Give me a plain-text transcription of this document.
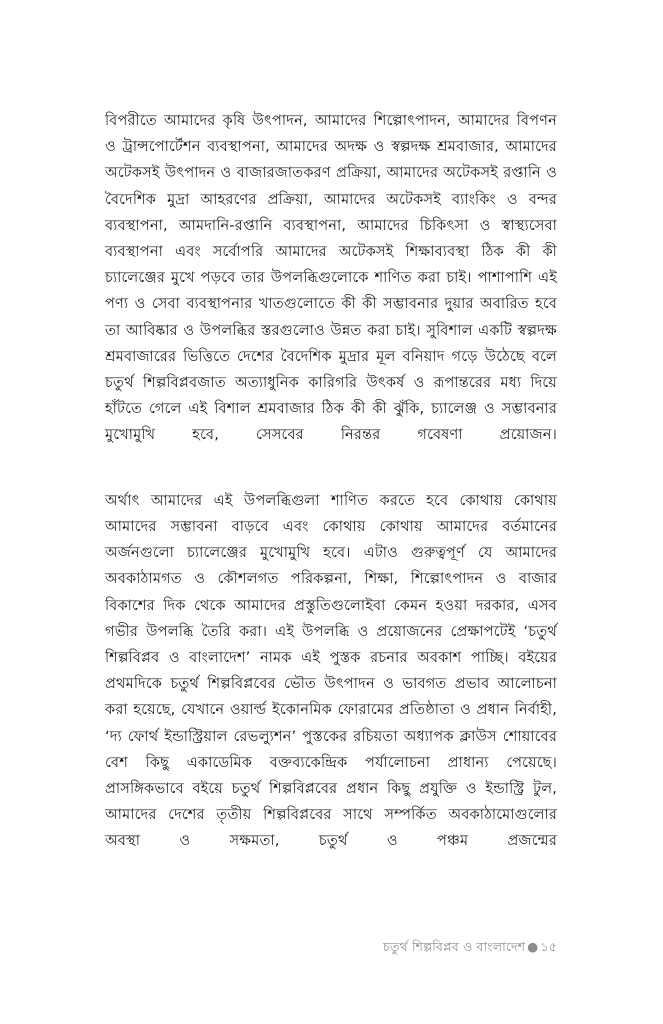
বিপরীতে আমাদের কৃষি উৎপাদন, আমাদের শিল্পোৎপাদন, আমাদের বিপণন ও ট্রান্সপোর্টেশন ব্যবস্থাপনা, আমাদের অদক্ষ ও স্বল্পদক্ষ শ্রমবাজার, আমাদের অটেকসই উৎপাদন ও বাজারজাতকরণ প্রক্রিয়া, আমাদের অটেকসই রপ্তানি ও বৈদেশিক মুদ্রা আহরণের প্রক্রিয়া, আমাদের অটেকসই ব্যাংকিং ও বন্দর ব্যবস্থাপনা, আমদানি-রপ্তানি ব্যবস্থাপনা, আমাদের চিকিৎসা ও স্বাস্থ্যসেবা ব্যবস্থাপনা এবং সর্বোপরি আমাদের অটেকসই শিক্ষাব্যবস্থা ঠিক কী কী চ্যালেঞ্জের মুখে পড়বে তার উপলব্ধিগুলোকে শাণিত করা চাই। পাশাপাশি এই পণ্য ও সেবা ব্যবস্থাপনার খাতগুলোতে কী কী সম্ভাবনার দুয়ার অবারিত হবে তা আবিষ্কার ও উপলব্ধির স্তরগুলোও উন্নত করা চাই। সুবিশাল একটি স্বল্পদক্ষ শ্রমবাজারের ভিত্তিতে দেশের বৈদেশিক মুদ্রার মূল বনিয়াদ গড়ে উঠেছে বলে চতুর্থ শিল্পবিপ্লবজাত অত্যাধুনিক কারিগরি উৎকর্ষ ও রূপান্তরের মধ্য দিয়ে হাঁটতে গেলে এই বিশাল শ্রমবাজার ঠিক কী কী ঝুঁকি, চ্যালেঞ্জ ও সম্ভাবনার মুখোমুখি হবে, সেসবের নিরন্তর গবেষণা প্রয়োজন।

অর্থাৎ আমাদের এই উপলব্ধিগুলা শাণিত করতে হবে কোথায় কোথায় আমাদের সম্ভাবনা বাড়বে এবং কোথায় কোথায় আমাদের বর্তমানের অর্জনগুলো চ্যালেঞ্জের মুখোমুখি হবে। এটাও গুরুত্বপূর্ণ যে আমাদের অবকাঠামগত ও কৌশলগত পরিকল্পনা, শিক্ষা, শিল্পোৎপাদন ও বাজার বিকাশের দিক থেকে আমাদের প্রস্তুতিগুলোইবা কেমন হওয়া দরকার, এসব গভীর উপলব্ধি তৈরি করা। এই উপলব্ধি ও প্রয়োজনের প্রেক্ষাপটেই ‘চতুর্থ শিল্পবিপ্লব ও বাংলাদেশ’ নামক এই পুস্তক রচনার অবকাশ পাচ্ছি। বইয়ের প্রথমদিকে চতুর্থ শিল্পবিপ্লবের ভৌত উৎপাদন ও ভাবগত প্রভাব আলোচনা করা হয়েছে, যেখানে ওয়ার্ল্ড ইকোনমিক ফোরামের প্রতিষ্ঠাতা ও প্রধান নির্বাহী, ‘দ্য ফোর্থ ইন্ডাস্ট্রিয়াল রেভল্যুশন’ পুস্তকের রচিয়তা অধ্যাপক ক্লাউস শোয়াবের বেশ কিছু একাডেমিক বক্তব্যকেন্দ্রিক পর্যালোচনা প্রাধান্য পেয়েছে। প্রাসঙ্গিকভাবে বইয়ে চতুর্থ শিল্পবিপ্লবের প্রধান কিছু প্রযুক্তি ও ইন্ডাস্ট্রি টুল, আমাদের দেশের তৃতীয় শিল্পবিপ্লবের সাথে সম্পর্কিত অবকাঠামোগুলোর অবস্থা ও সক্ষমতা, চতুর্থ ও পঞ্চম প্রজন্মের

চতুর্থ শিল্পবিপ্লব ও বাংলাদেশ ● ১৫
